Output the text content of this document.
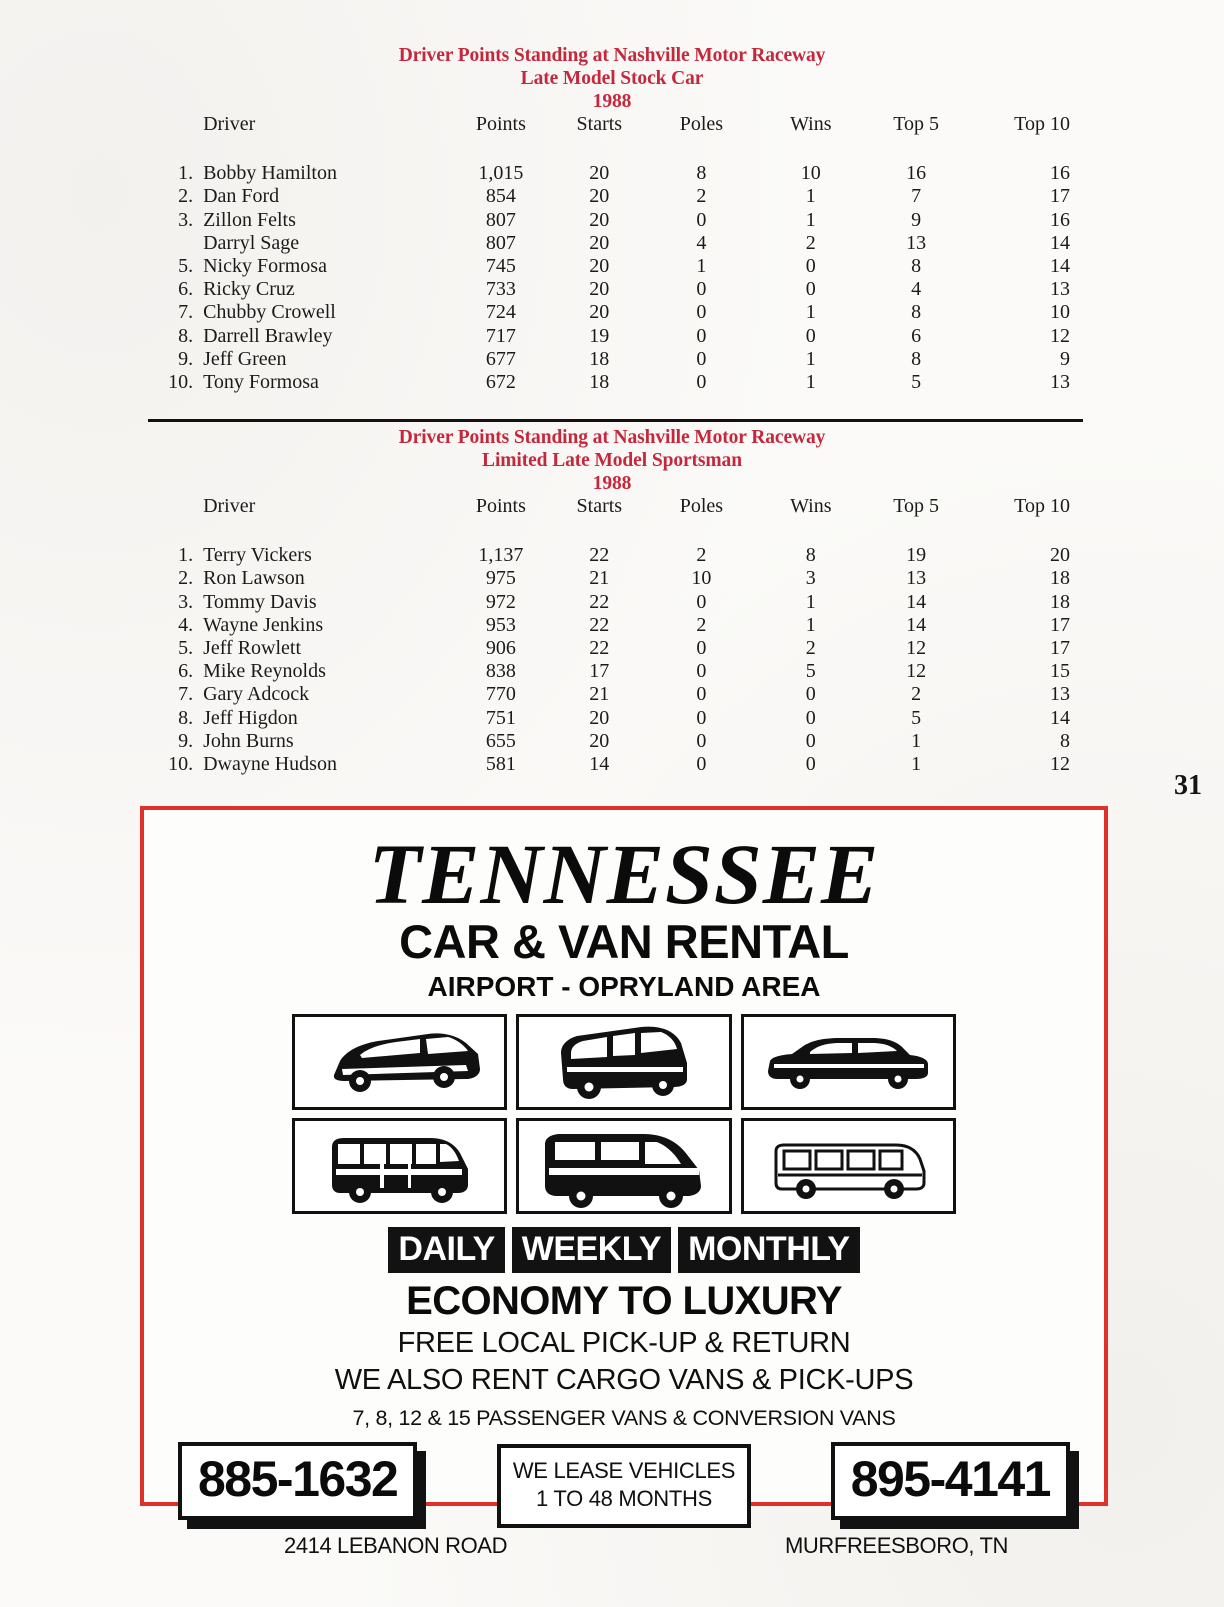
Driver Points Standing at Nashville Motor Raceway
Late Model Stock Car
1988
	Driver	Points	Starts	Poles	Wins	Top 5	Top 10
1.	Bobby Hamilton	1,015	20	8	10	16	16
2.	Dan Ford	854	20	2	1	7	17
3.	Zillon Felts	807	20	0	1	9	16
	Darryl Sage	807	20	4	2	13	14
5.	Nicky Formosa	745	20	1	0	8	14
6.	Ricky Cruz	733	20	0	0	4	13
7.	Chubby Crowell	724	20	0	1	8	10
8.	Darrell Brawley	717	19	0	0	6	12
9.	Jeff Green	677	18	0	1	8	9
10.	Tony Formosa	672	18	0	1	5	13
Driver Points Standing at Nashville Motor Raceway
Limited Late Model Sportsman
1988
	Driver	Points	Starts	Poles	Wins	Top 5	Top 10
1.	Terry Vickers	1,137	22	2	8	19	20
2.	Ron Lawson	975	21	10	3	13	18
3.	Tommy Davis	972	22	0	1	14	18
4.	Wayne Jenkins	953	22	2	1	14	17
5.	Jeff Rowlett	906	22	0	2	12	17
6.	Mike Reynolds	838	17	0	5	12	15
7.	Gary Adcock	770	21	0	0	2	13
8.	Jeff Higdon	751	20	0	0	5	14
9.	John Burns	655	20	0	0	1	8
10.	Dwayne Hudson	581	14	0	0	1	12
31
TENNESSEE
CAR & VAN RENTAL
AIRPORT - OPRYLAND AREA
DAILY WEEKLY MONTHLY
ECONOMY TO LUXURY
FREE LOCAL PICK-UP & RETURN
WE ALSO RENT CARGO VANS & PICK-UPS
7, 8, 12 & 15 PASSENGER VANS & CONVERSION VANS
885-1632	WE LEASE VEHICLES
1 TO 48 MONTHS	895-4141
2414 LEBANON ROAD	MURFREESBORO, TN
